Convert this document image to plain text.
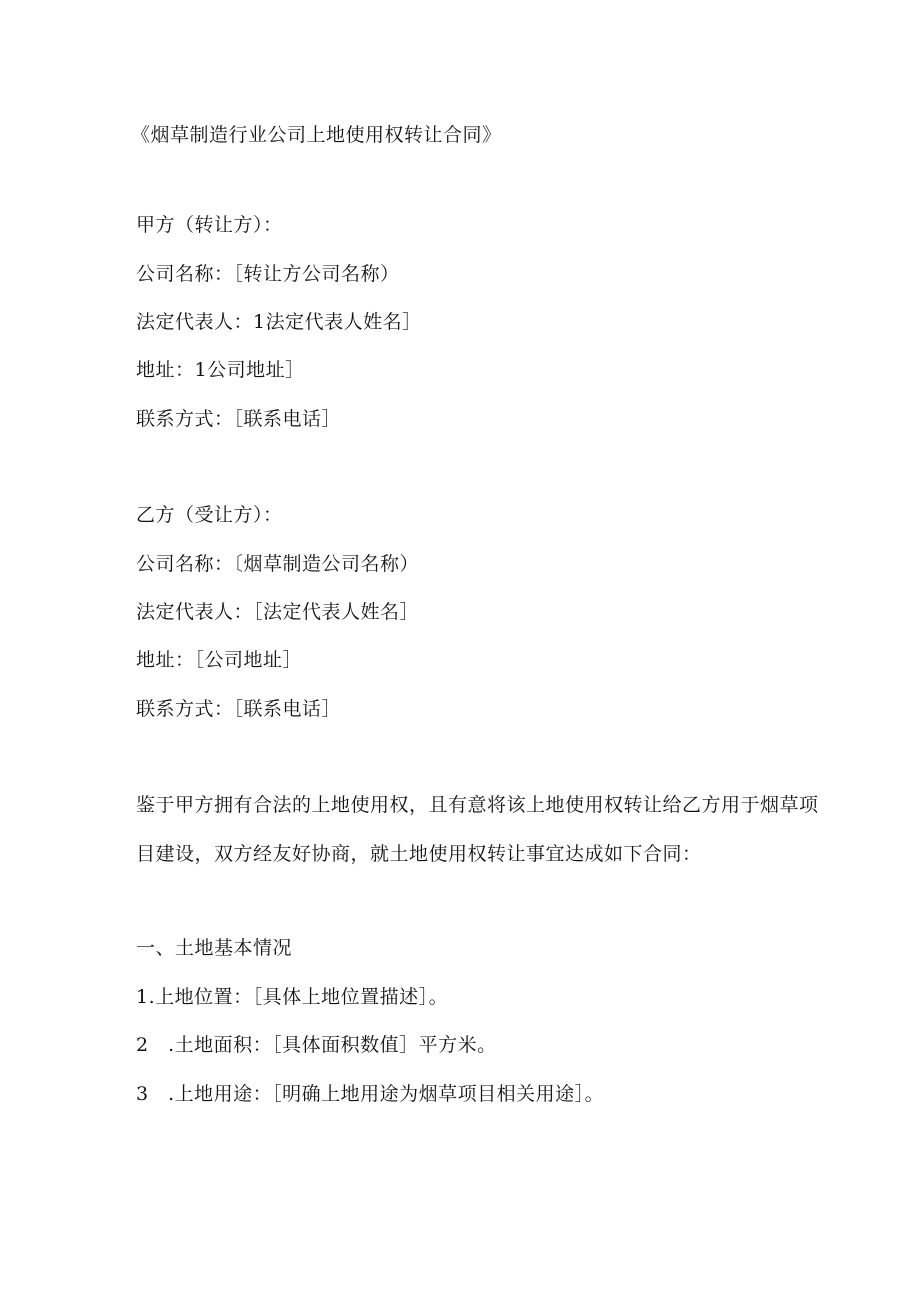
《烟草制造行业公司上地使用权转让合同》
甲方（转让方）：
公司名称：［转让方公司名称）
法定代表人：1法定代表人姓名］
地址：1公司地址］
联系方式：［联系电话］
乙方（受让方）：
公司名称：〔烟草制造公司名称）
法定代表人：［法定代表人姓名］
地址：［公司地址］
联系方式：［联系电话］
鉴于甲方拥有合法的上地使用权，且有意将该上地使用权转让给乙方用于烟草项
目建设，双方经友好协商，就土地使用权转让事宜达成如下合同：
一、土地基本情况
1.上地位置：［具体上地位置描述］。
2　.土地面积：［具体面积数值］平方米。
3　.上地用途：［明确上地用途为烟草项目相关用途］。
